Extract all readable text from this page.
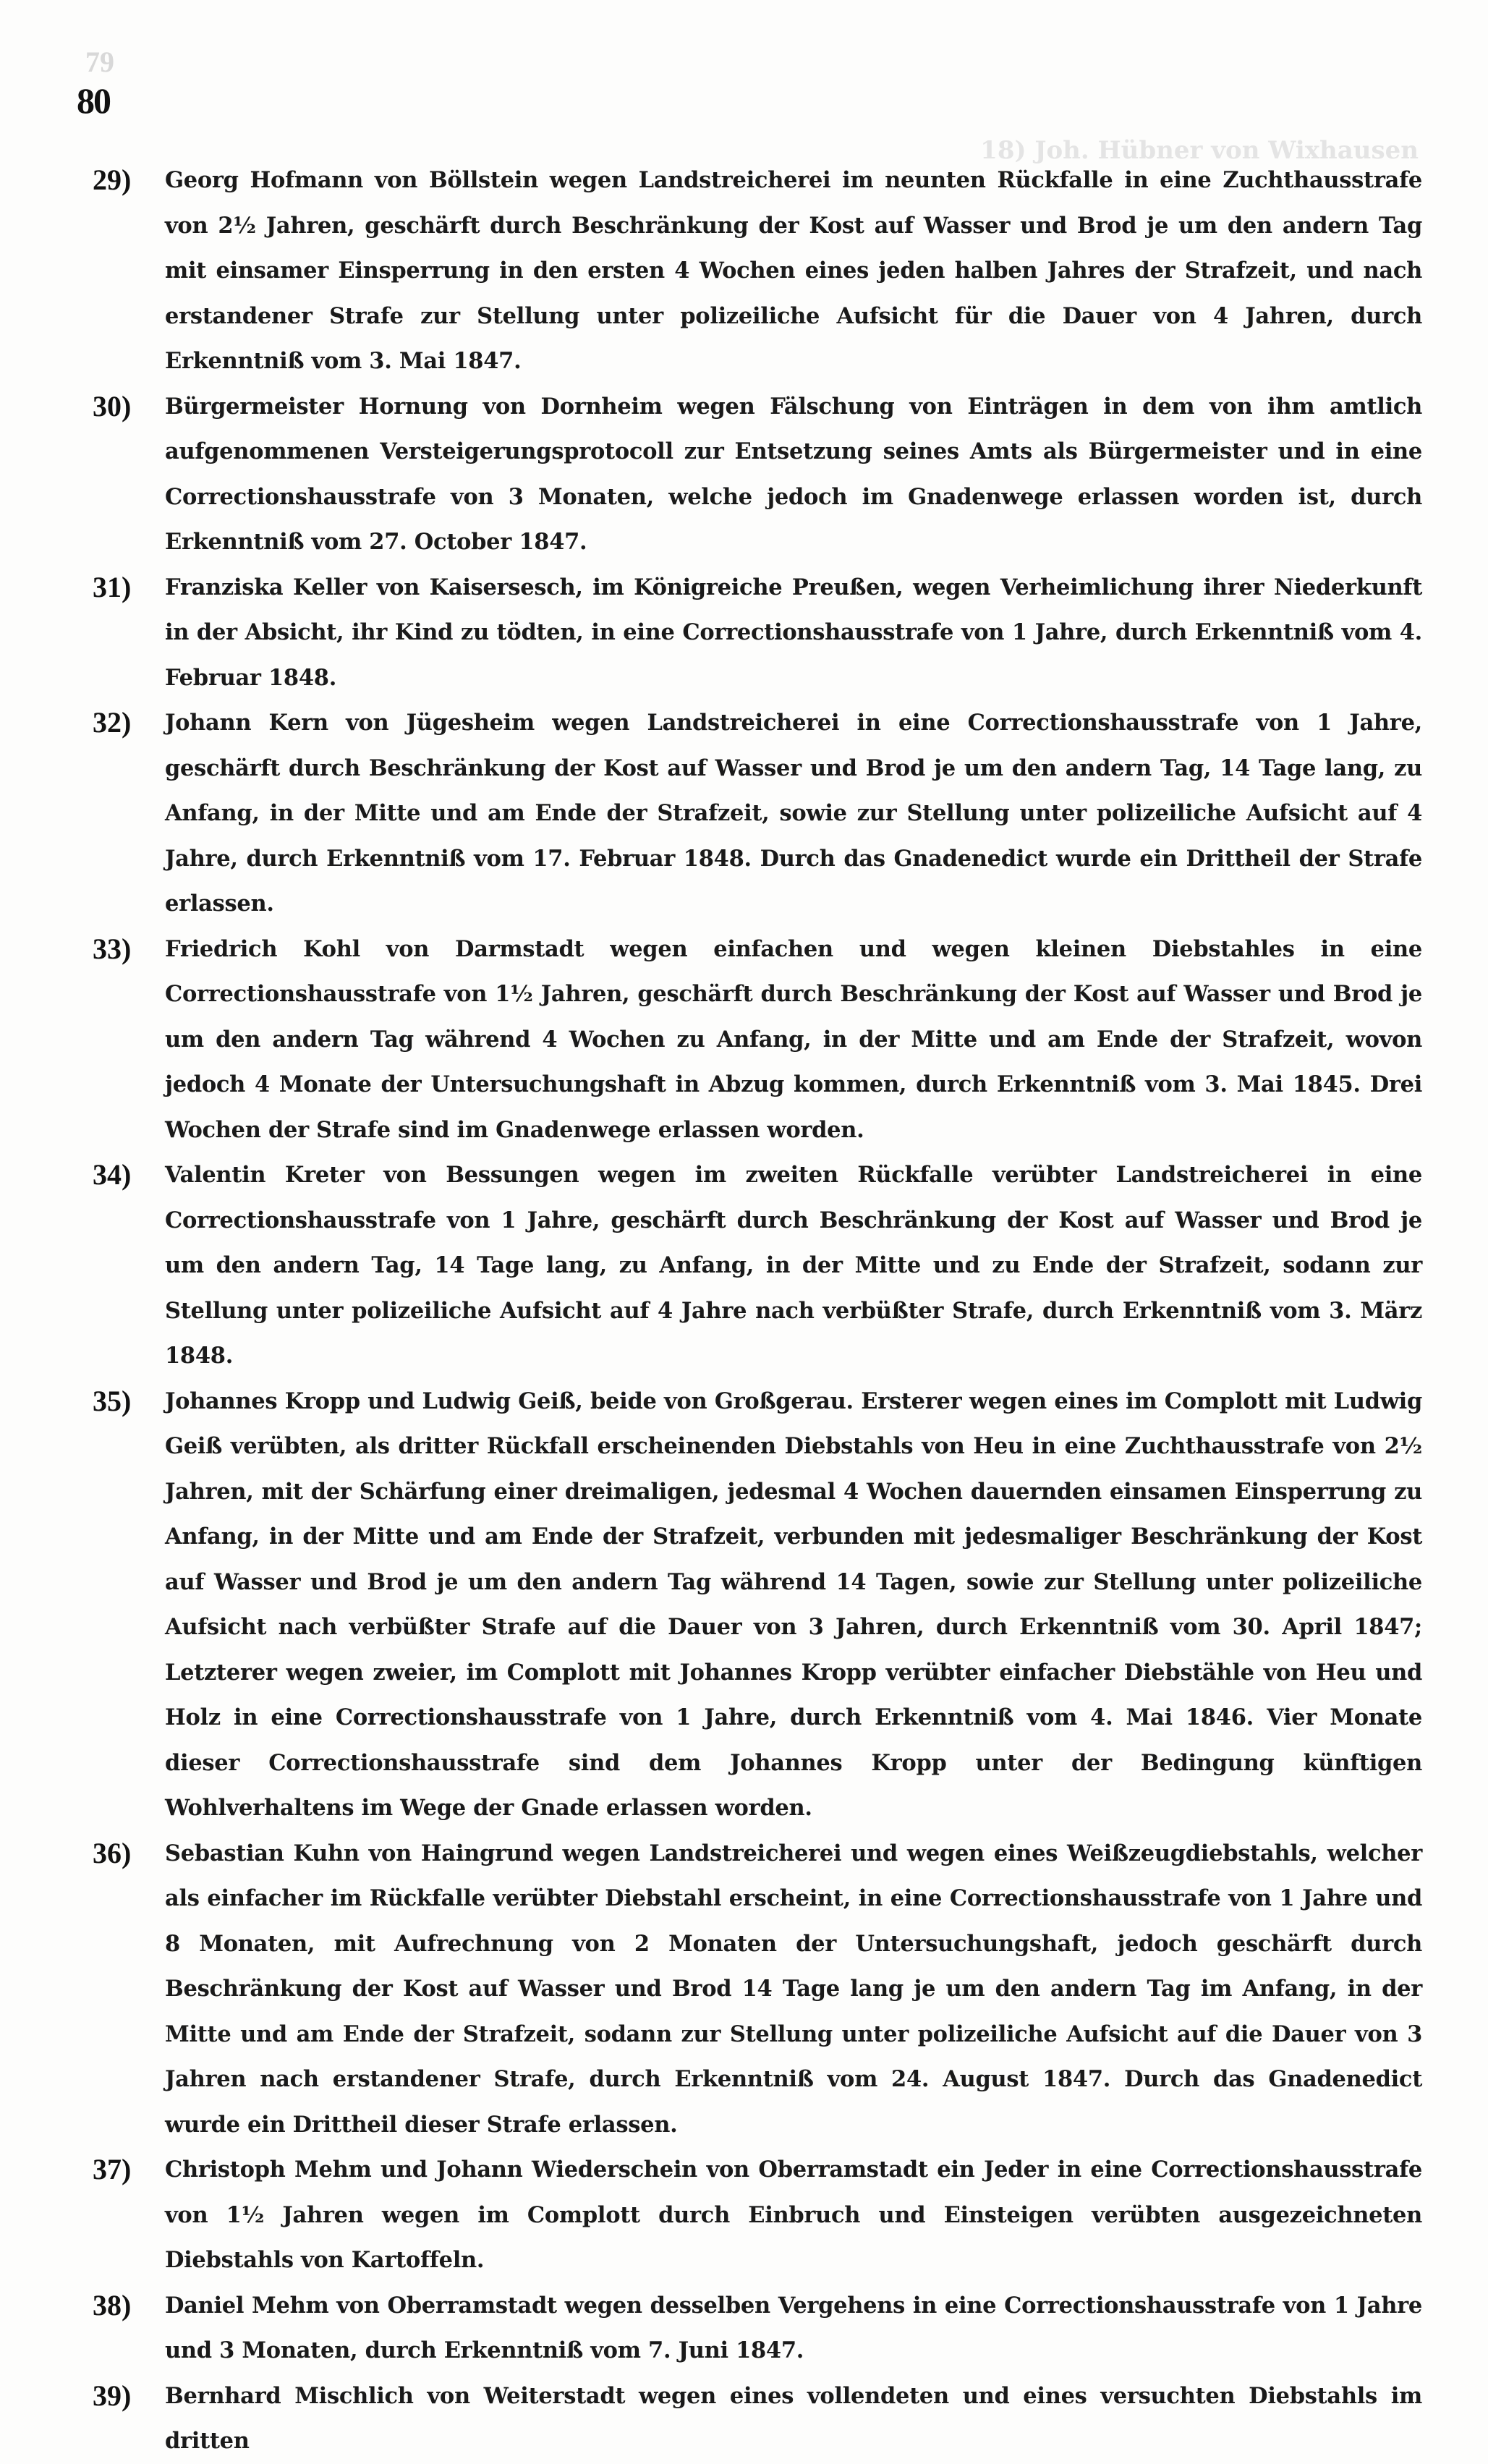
79
80
18) Joh. Hübner von Wixhausen
29)	Georg Hofmann von Böllstein wegen Landstreicherei im neunten Rückfalle in eine Zuchthausstrafe von 2½ Jahren, geschärft durch Beschränkung der Kost auf Wasser und Brod je um den andern Tag mit einsamer Einsperrung in den ersten 4 Wochen eines jeden halben Jahres der Strafzeit, und nach erstandener Strafe zur Stellung unter polizeiliche Aufsicht für die Dauer von 4 Jahren, durch Erkenntniß vom 3. Mai 1847.
30)	Bürgermeister Hornung von Dornheim wegen Fälschung von Einträgen in dem von ihm amtlich aufgenommenen Versteigerungsprotocoll zur Entsetzung seines Amts als Bürgermeister und in eine Correctionshausstrafe von 3 Monaten, welche jedoch im Gnadenwege erlassen worden ist, durch Erkenntniß vom 27. October 1847.
31)	Franziska Keller von Kaisersesch, im Königreiche Preußen, wegen Verheimlichung ihrer Niederkunft in der Absicht, ihr Kind zu tödten, in eine Correctionshausstrafe von 1 Jahre, durch Erkenntniß vom 4. Februar 1848.
32)	Johann Kern von Jügesheim wegen Landstreicherei in eine Correctionshausstrafe von 1 Jahre, geschärft durch Beschränkung der Kost auf Wasser und Brod je um den andern Tag, 14 Tage lang, zu Anfang, in der Mitte und am Ende der Strafzeit, sowie zur Stellung unter polizeiliche Aufsicht auf 4 Jahre, durch Erkenntniß vom 17. Februar 1848. Durch das Gnadenedict wurde ein Drittheil der Strafe erlassen.
33)	Friedrich Kohl von Darmstadt wegen einfachen und wegen kleinen Diebstahles in eine Correctionshausstrafe von 1½ Jahren, geschärft durch Beschränkung der Kost auf Wasser und Brod je um den andern Tag während 4 Wochen zu Anfang, in der Mitte und am Ende der Strafzeit, wovon jedoch 4 Monate der Untersuchungshaft in Abzug kommen, durch Erkenntniß vom 3. Mai 1845. Drei Wochen der Strafe sind im Gnadenwege erlassen worden.
34)	Valentin Kreter von Bessungen wegen im zweiten Rückfalle verübter Landstreicherei in eine Correctionshausstrafe von 1 Jahre, geschärft durch Beschränkung der Kost auf Wasser und Brod je um den andern Tag, 14 Tage lang, zu Anfang, in der Mitte und zu Ende der Strafzeit, sodann zur Stellung unter polizeiliche Aufsicht auf 4 Jahre nach verbüßter Strafe, durch Erkenntniß vom 3. März 1848.
35)	Johannes Kropp und Ludwig Geiß, beide von Großgerau. Ersterer wegen eines im Complott mit Ludwig Geiß verübten, als dritter Rückfall erscheinenden Diebstahls von Heu in eine Zuchthausstrafe von 2½ Jahren, mit der Schärfung einer dreimaligen, jedesmal 4 Wochen dauernden einsamen Einsperrung zu Anfang, in der Mitte und am Ende der Strafzeit, verbunden mit jedesmaliger Beschränkung der Kost auf Wasser und Brod je um den andern Tag während 14 Tagen, sowie zur Stellung unter polizeiliche Aufsicht nach verbüßter Strafe auf die Dauer von 3 Jahren, durch Erkenntniß vom 30. April 1847; Letzterer wegen zweier, im Complott mit Johannes Kropp verübter einfacher Diebstähle von Heu und Holz in eine Correctionshausstrafe von 1 Jahre, durch Erkenntniß vom 4. Mai 1846. Vier Monate dieser Correctionshausstrafe sind dem Johannes Kropp unter der Bedingung künftigen Wohlverhaltens im Wege der Gnade erlassen worden.
36)	Sebastian Kuhn von Haingrund wegen Landstreicherei und wegen eines Weißzeugdiebstahls, welcher als einfacher im Rückfalle verübter Diebstahl erscheint, in eine Correctionshausstrafe von 1 Jahre und 8 Monaten, mit Aufrechnung von 2 Monaten der Untersuchungshaft, jedoch geschärft durch Beschränkung der Kost auf Wasser und Brod 14 Tage lang je um den andern Tag im Anfang, in der Mitte und am Ende der Strafzeit, sodann zur Stellung unter polizeiliche Aufsicht auf die Dauer von 3 Jahren nach erstandener Strafe, durch Erkenntniß vom 24. August 1847. Durch das Gnadenedict wurde ein Drittheil dieser Strafe erlassen.
37)	Christoph Mehm und Johann Wiederschein von Oberramstadt ein Jeder in eine Correctionshausstrafe von 1½ Jahren wegen im Complott durch Einbruch und Einsteigen verübten ausgezeichneten Diebstahls von Kartoffeln.
38)	Daniel Mehm von Oberramstadt wegen desselben Vergehens in eine Correctionshausstrafe von 1 Jahre und 3 Monaten, durch Erkenntniß vom 7. Juni 1847.
39)	Bernhard Mischlich von Weiterstadt wegen eines vollendeten und eines versuchten Diebstahls im dritten
